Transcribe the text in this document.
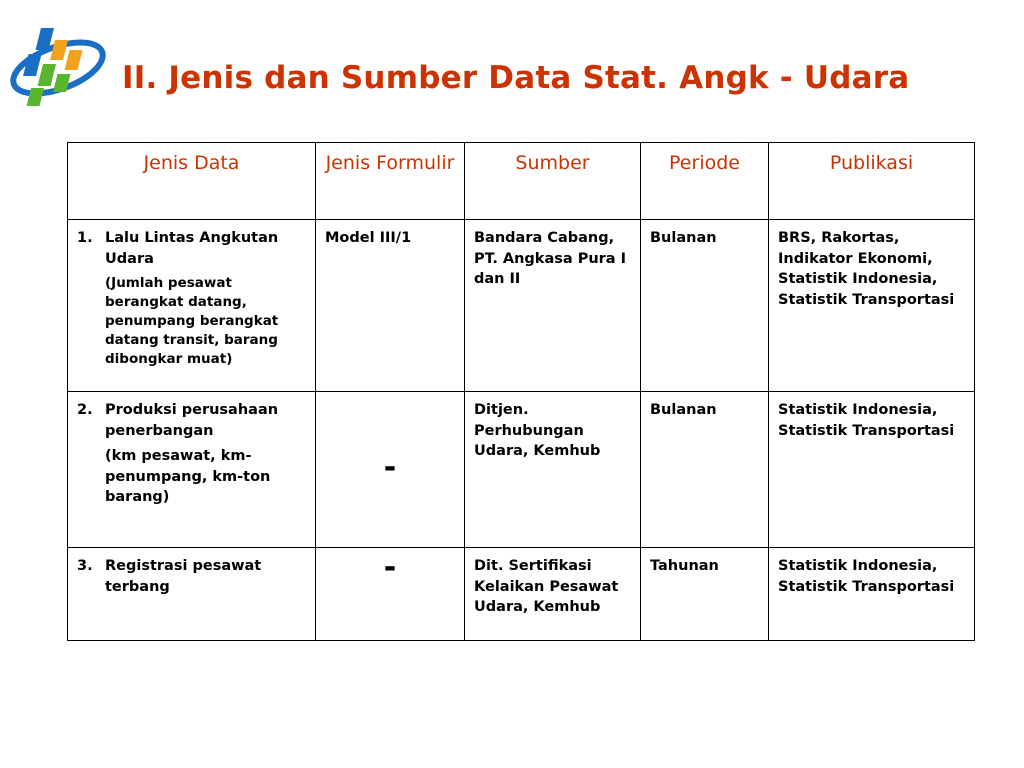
II. Jenis dan Sumber Data Stat. Angk - Udara
Jenis Data	Jenis Formulir	Sumber	Periode	Publikasi

1. Lalu Lintas Angkutan Udara
(Jumlah pesawat berangkat datang, penumpang berangkat datang transit, barang dibongkar muat)	Model III/1	Bandara Cabang, PT. Angkasa Pura I dan II	Bulanan	BRS, Rakortas, Indikator Ekonomi, Statistik Indonesia, Statistik Transportasi

2. Produksi perusahaan penerbangan
(km pesawat, km-penumpang, km-ton barang)	-	Ditjen. Perhubungan Udara, Kemhub	Bulanan	Statistik Indonesia, Statistik Transportasi

3. Registrasi pesawat terbang	-	Dit. Sertifikasi Kelaikan Pesawat Udara, Kemhub	Tahunan	Statistik Indonesia, Statistik Transportasi
